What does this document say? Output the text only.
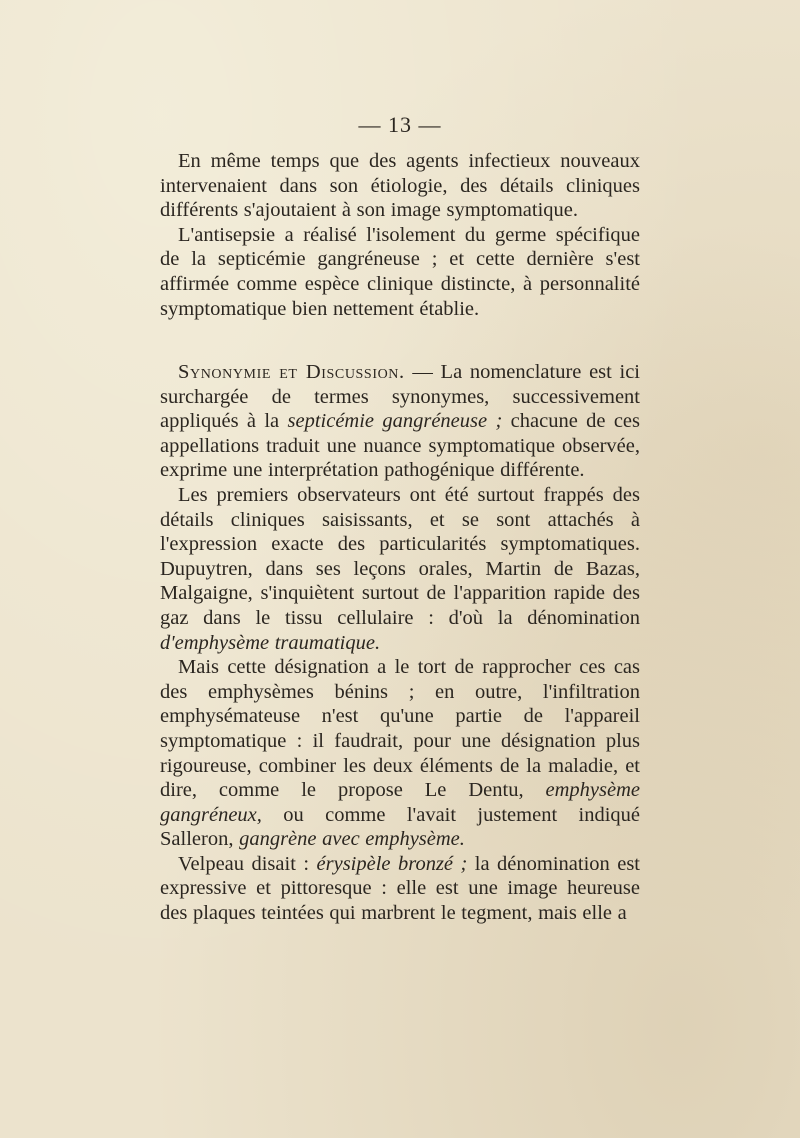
— 13 —

En même temps que des agents infectieux nouveaux intervenaient dans son étiologie, des détails cliniques différents s'ajoutaient à son image symptomatique.

L'antisepsie a réalisé l'isolement du germe spécifique de la septicémie gangréneuse ; et cette dernière s'est affirmée comme espèce clinique distincte, à personnalité symptomatique bien nettement établie.

Synonymie et Discussion. — La nomenclature est ici surchargée de termes synonymes, successivement appliqués à la septicémie gangréneuse ; chacune de ces appellations traduit une nuance symptomatique observée, exprime une interprétation pathogénique différente.

Les premiers observateurs ont été surtout frappés des détails cliniques saisissants, et se sont attachés à l'expression exacte des particularités symptomatiques. Dupuytren, dans ses leçons orales, Martin de Bazas, Malgaigne, s'inquiètent surtout de l'apparition rapide des gaz dans le tissu cellulaire : d'où la dénomination d'emphysème traumatique.

Mais cette désignation a le tort de rapprocher ces cas des emphysèmes bénins ; en outre, l'infiltration emphysémateuse n'est qu'une partie de l'appareil symptomatique : il faudrait, pour une désignation plus rigoureuse, combiner les deux éléments de la maladie, et dire, comme le propose Le Dentu, emphysème gangréneux, ou comme l'avait justement indiqué Salleron, gangrène avec emphysème.

Velpeau disait : érysipèle bronzé ; la dénomination est expressive et pittoresque : elle est une image heureuse des plaques teintées qui marbrent le tegment, mais elle a
